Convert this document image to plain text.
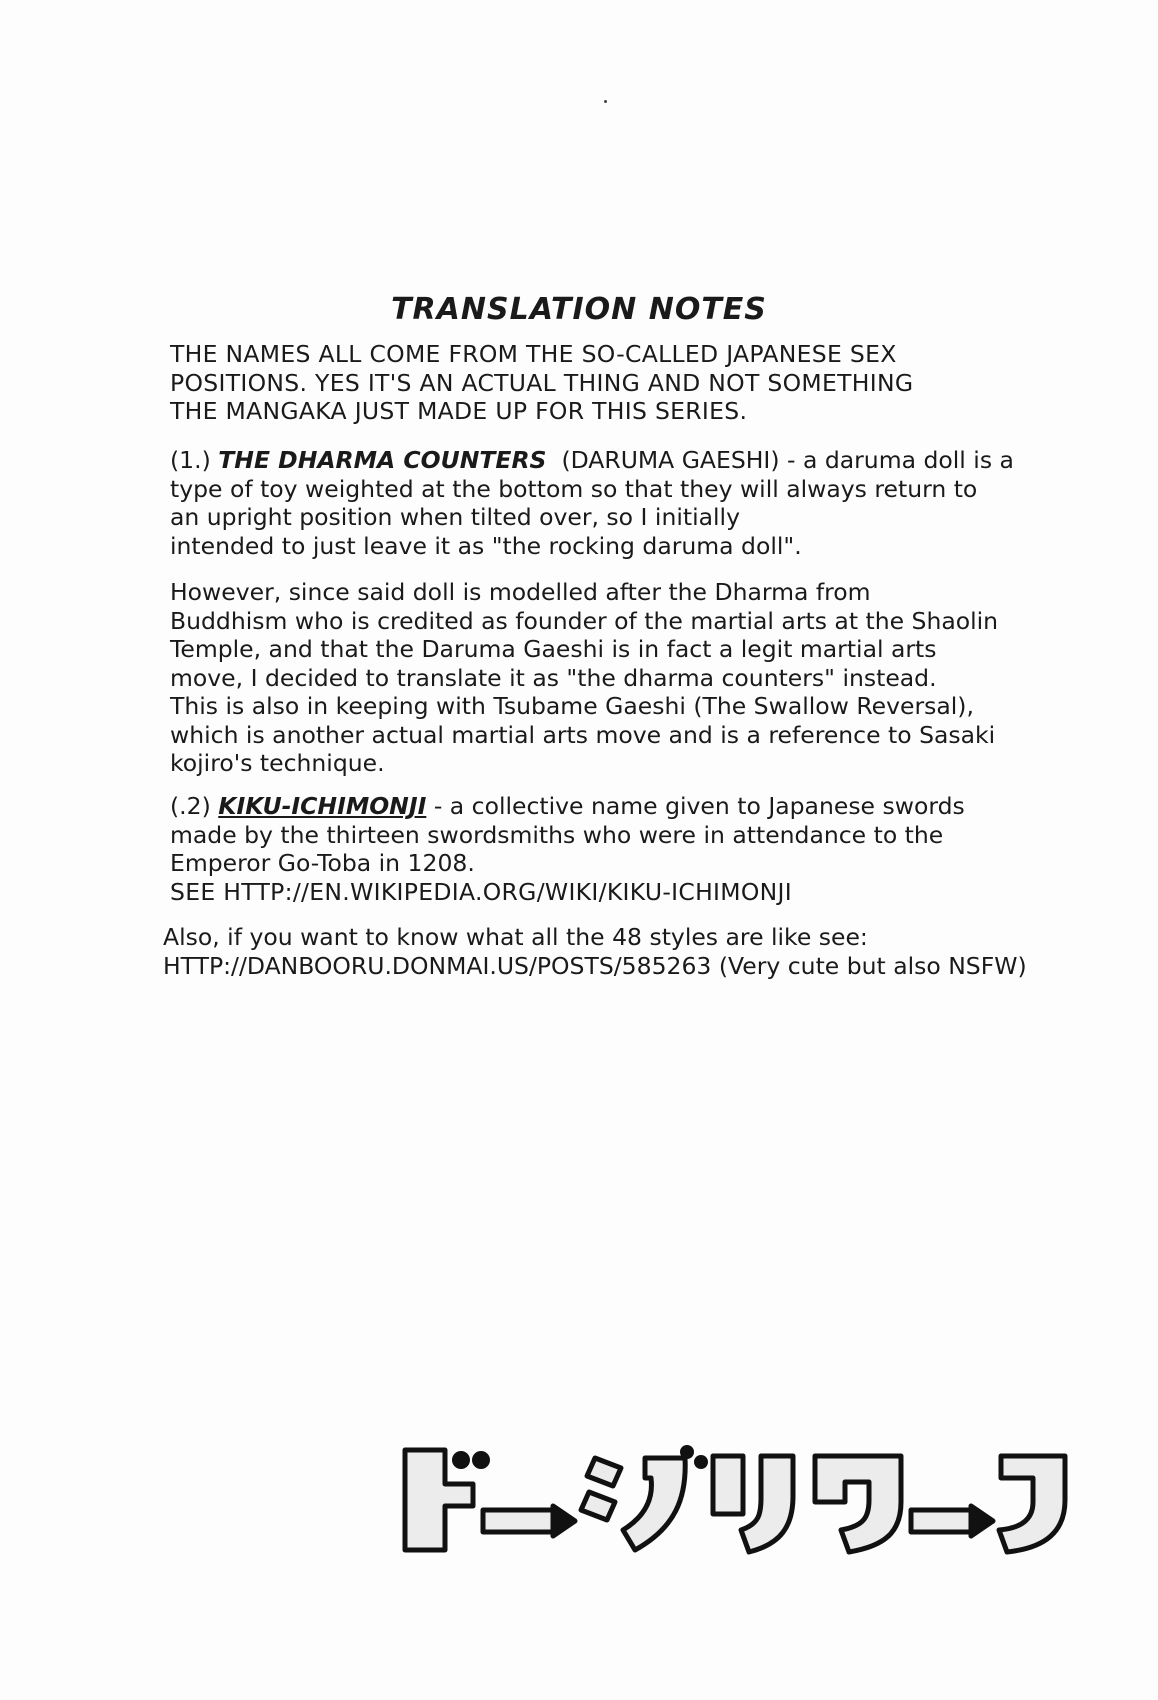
TRANSLATION NOTES
THE NAMES ALL COME FROM THE SO-CALLED JAPANESE SEX
POSITIONS. YES IT'S AN ACTUAL THING AND NOT SOMETHING
THE MANGAKA JUST MADE UP FOR THIS SERIES.
(1.) THE DHARMA COUNTERS (DARUMA GAESHI) - a daruma doll is a
type of toy weighted at the bottom so that they will always return to
an upright position when tilted over, so I initially
intended to just leave it as "the rocking daruma doll".
However, since said doll is modelled after the Dharma from
Buddhism who is credited as founder of the martial arts at the Shaolin
Temple, and that the Daruma Gaeshi is in fact a legit martial arts
move, I decided to translate it as "the dharma counters" instead.
This is also in keeping with Tsubame Gaeshi (The Swallow Reversal),
which is another actual martial arts move and is a reference to Sasaki
kojiro's technique.
(.2) KIKU-ICHIMONJI - a collective name given to Japanese swords
made by the thirteen swordsmiths who were in attendance to the
Emperor Go-Toba in 1208.
SEE HTTP://EN.WIKIPEDIA.ORG/WIKI/KIKU-ICHIMONJI
Also, if you want to know what all the 48 styles are like see:
HTTP://DANBOORU.DONMAI.US/POSTS/585263 (Very cute but also NSFW)
